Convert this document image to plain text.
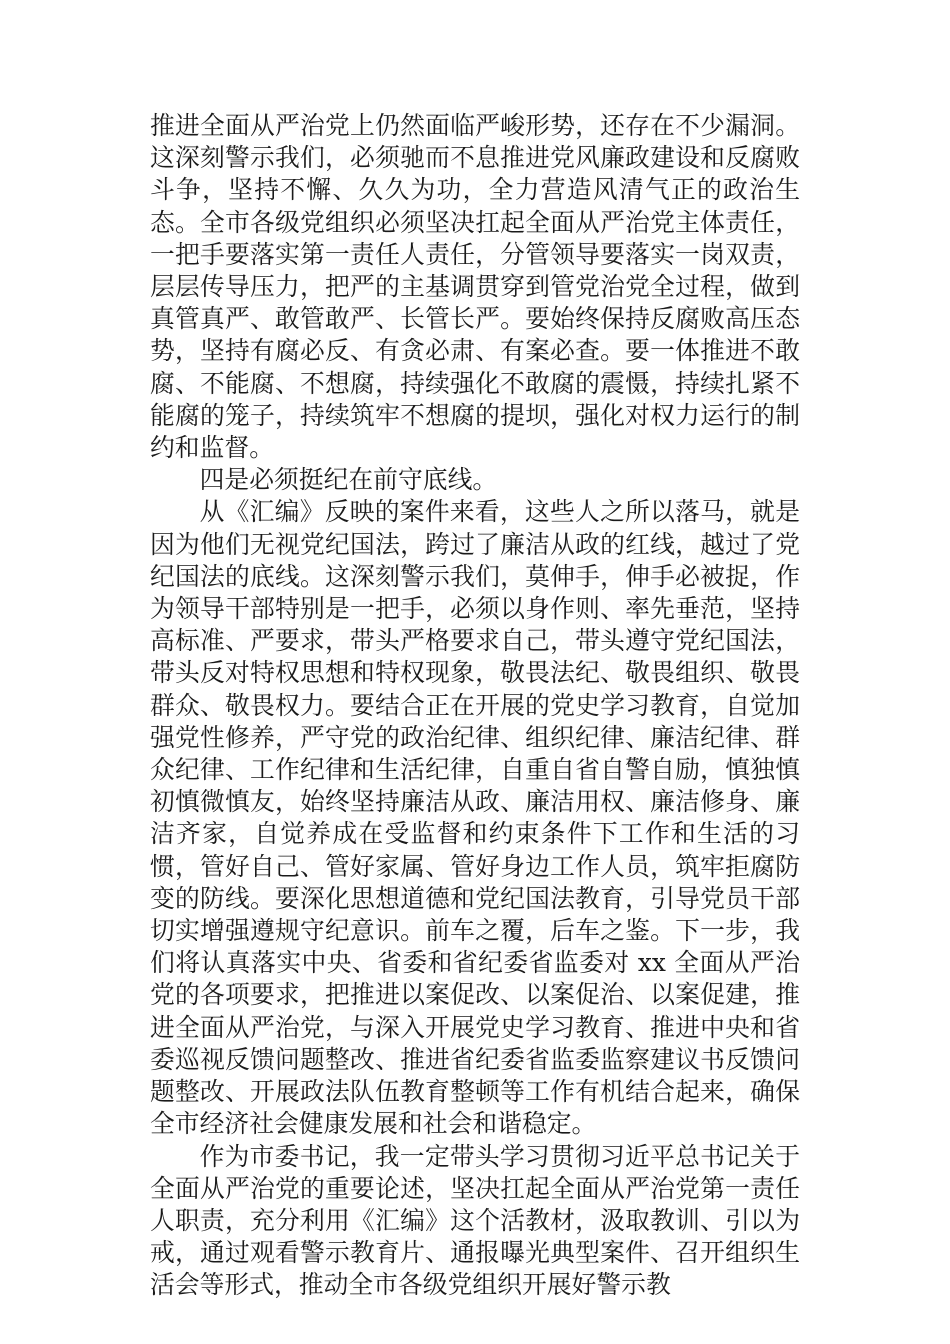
推进全面从严治党上仍然面临严峻形势，还存在不少漏洞。这深刻警示我们，必须驰而不息推进党风廉政建设和反腐败斗争，坚持不懈、久久为功，全力营造风清气正的政治生态。全市各级党组织必须坚决扛起全面从严治党主体责任，一把手要落实第一责任人责任，分管领导要落实一岗双责，层层传导压力，把严的主基调贯穿到管党治党全过程，做到真管真严、敢管敢严、长管长严。要始终保持反腐败高压态势，坚持有腐必反、有贪必肃、有案必查。要一体推进不敢腐、不能腐、不想腐，持续强化不敢腐的震慑，持续扎紧不能腐的笼子，持续筑牢不想腐的提坝，强化对权力运行的制约和监督。

四是必须挺纪在前守底线。

从《汇编》反映的案件来看，这些人之所以落马，就是因为他们无视党纪国法，跨过了廉洁从政的红线，越过了党纪国法的底线。这深刻警示我们，莫伸手，伸手必被捉，作为领导干部特别是一把手，必须以身作则、率先垂范，坚持高标准、严要求，带头严格要求自己，带头遵守党纪国法，带头反对特权思想和特权现象，敬畏法纪、敬畏组织、敬畏群众、敬畏权力。要结合正在开展的党史学习教育，自觉加强党性修养，严守党的政治纪律、组织纪律、廉洁纪律、群众纪律、工作纪律和生活纪律，自重自省自警自励，慎独慎初慎微慎友，始终坚持廉洁从政、廉洁用权、廉洁修身、廉洁齐家，自觉养成在受监督和约束条件下工作和生活的习惯，管好自己、管好家属、管好身边工作人员，筑牢拒腐防变的防线。要深化思想道德和党纪国法教育，引导党员干部切实增强遵规守纪意识。前车之覆，后车之鉴。下一步，我们将认真落实中央、省委和省纪委省监委对 xx 全面从严治党的各项要求，把推进以案促改、以案促治、以案促建，推进全面从严治党，与深入开展党史学习教育、推进中央和省委巡视反馈问题整改、推进省纪委省监委监察建议书反馈问题整改、开展政法队伍教育整顿等工作有机结合起来，确保全市经济社会健康发展和社会和谐稳定。

作为市委书记，我一定带头学习贯彻习近平总书记关于全面从严治党的重要论述，坚决扛起全面从严治党第一责任人职责，充分利用《汇编》这个活教材，汲取教训、引以为戒，通过观看警示教育片、通报曝光典型案件、召开组织生活会等形式，推动全市各级党组织开展好警示教
